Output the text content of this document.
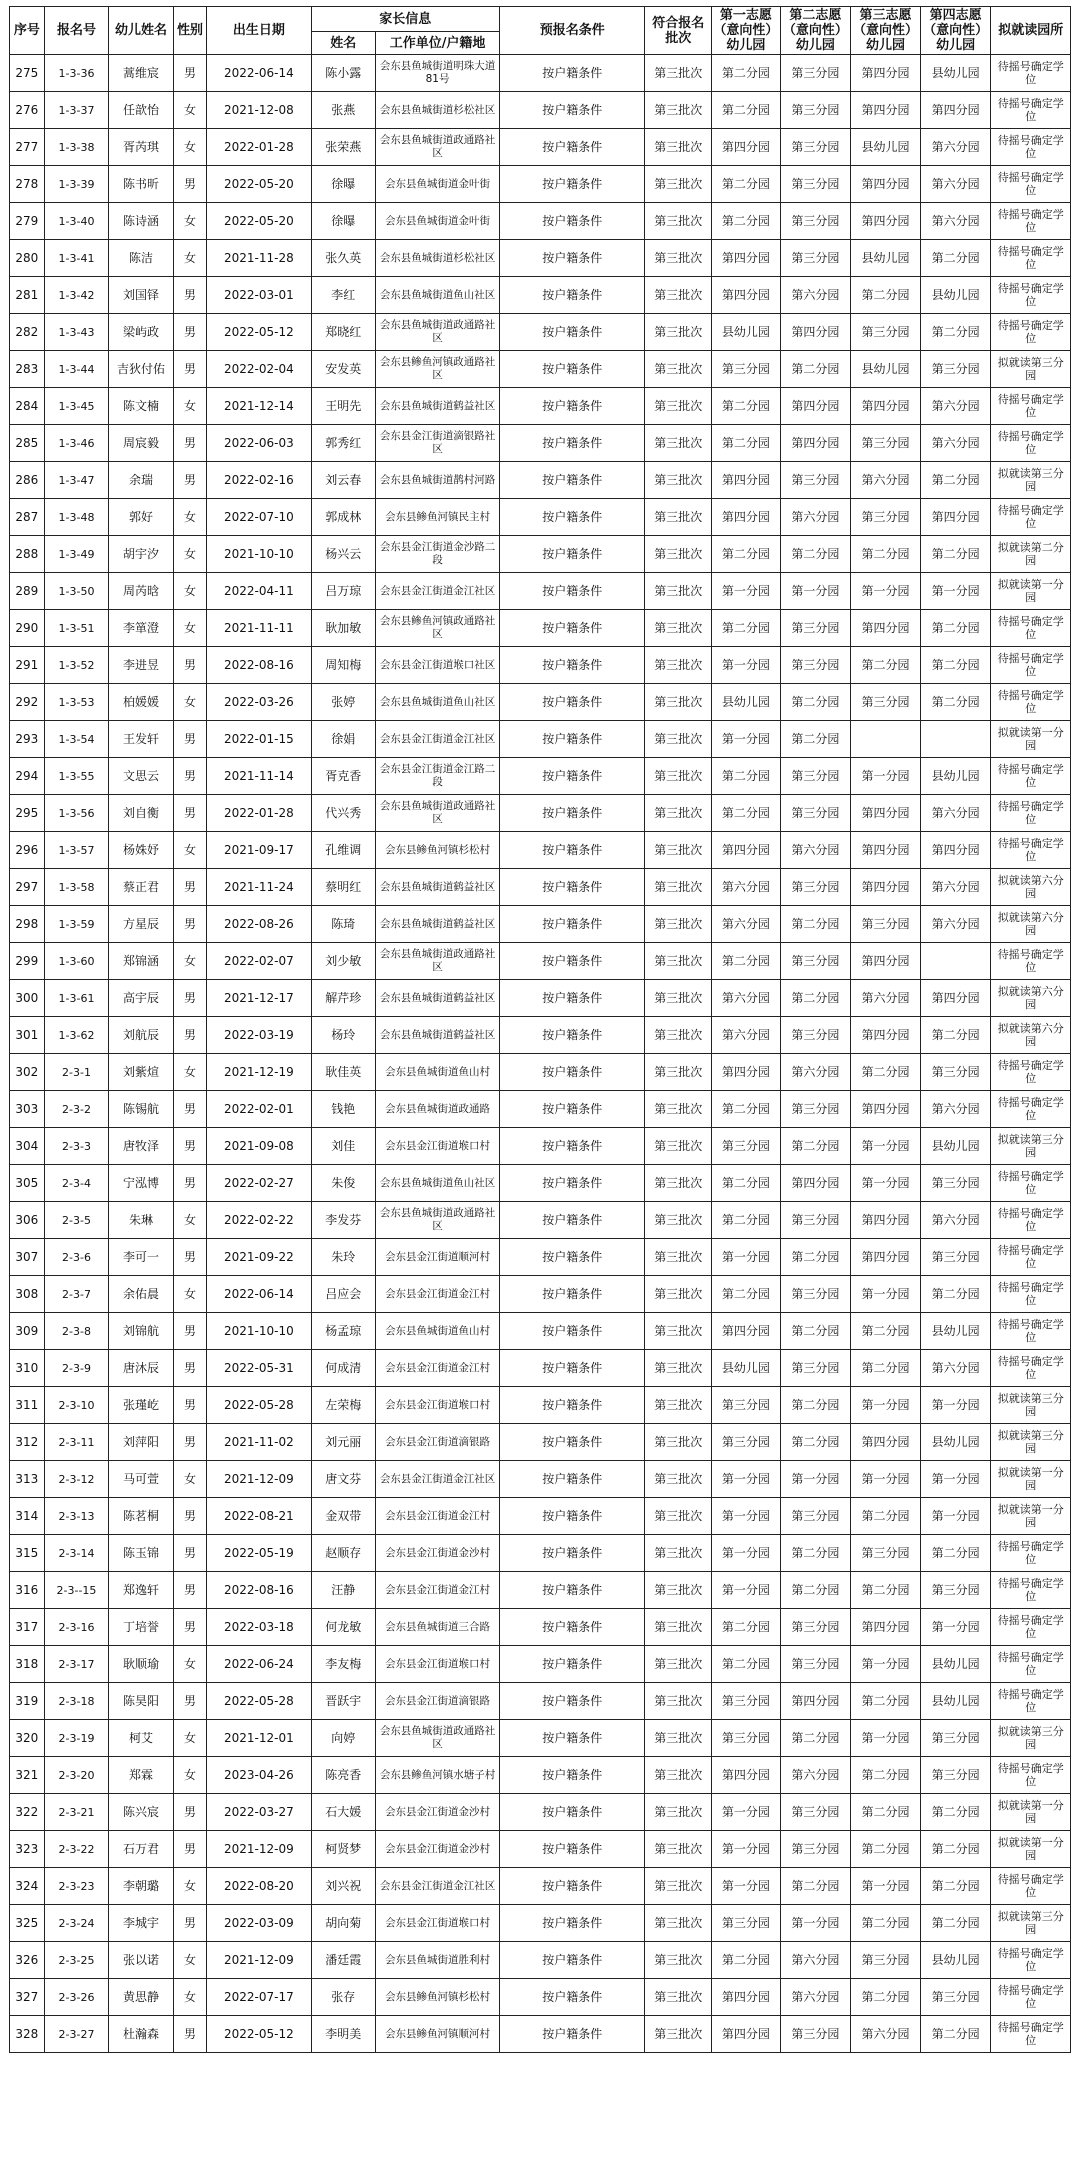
序号	报名号	幼儿姓名	性别	出生日期	家长信息		预报名条件	符合报名批次	第一志愿（意向性）幼儿园	第二志愿（意向性）幼儿园	第三志愿（意向性）幼儿园	第四志愿（意向性）幼儿园	拟就读园所
					姓名	工作单位/户籍地							
275	1-3-36	蒿维宸	男	2022-06-14	陈小露	会东县鱼城街道明珠大道81号	按户籍条件	第三批次	第二分园	第三分园	第四分园	县幼儿园	待摇号确定学位
276	1-3-37	任歆怡	女	2021-12-08	张燕	会东县鱼城街道杉松社区	按户籍条件	第三批次	第二分园	第三分园	第四分园	第四分园	待摇号确定学位
277	1-3-38	胥芮琪	女	2022-01-28	张荣燕	会东县鱼城街道政通路社区	按户籍条件	第三批次	第四分园	第三分园	县幼儿园	第六分园	待摇号确定学位
278	1-3-39	陈书昕	男	2022-05-20	徐曝	会东县鱼城街道金叶街	按户籍条件	第三批次	第二分园	第三分园	第四分园	第六分园	待摇号确定学位
279	1-3-40	陈诗涵	女	2022-05-20	徐曝	会东县鱼城街道金叶街	按户籍条件	第三批次	第二分园	第三分园	第四分园	第六分园	待摇号确定学位
280	1-3-41	陈洁	女	2021-11-28	张久英	会东县鱼城街道杉松社区	按户籍条件	第三批次	第四分园	第三分园	县幼儿园	第二分园	待摇号确定学位
281	1-3-42	刘国铎	男	2022-03-01	李红	会东县鱼城街道鱼山社区	按户籍条件	第三批次	第四分园	第六分园	第二分园	县幼儿园	待摇号确定学位
282	1-3-43	梁屿政	男	2022-05-12	郑晓红	会东县鱼城街道政通路社区	按户籍条件	第三批次	县幼儿园	第四分园	第三分园	第二分园	待摇号确定学位
283	1-3-44	吉狄付佑	男	2022-02-04	安发英	会东县鲹鱼河镇政通路社区	按户籍条件	第三批次	第三分园	第二分园	县幼儿园	第三分园	拟就读第三分园
284	1-3-45	陈文楠	女	2021-12-14	王明先	会东县鱼城街道鹤益社区	按户籍条件	第三批次	第二分园	第四分园	第四分园	第六分园	待摇号确定学位
285	1-3-46	周宸毅	男	2022-06-03	郭秀红	会东县金江街道滴银路社区	按户籍条件	第三批次	第二分园	第四分园	第三分园	第六分园	待摇号确定学位
286	1-3-47	余瑞	男	2022-02-16	刘云春	会东县鱼城街道鹊村河路	按户籍条件	第三批次	第四分园	第三分园	第六分园	第二分园	拟就读第三分园
287	1-3-48	郭好	女	2022-07-10	郭成林	会东县鲹鱼河镇民主村	按户籍条件	第三批次	第四分园	第六分园	第三分园	第四分园	待摇号确定学位
288	1-3-49	胡宇汐	女	2021-10-10	杨兴云	会东县金江街道金沙路二段	按户籍条件	第三批次	第二分园	第二分园	第二分园	第二分园	拟就读第二分园
289	1-3-50	周芮晗	女	2022-04-11	吕万琼	会东县金江街道金江社区	按户籍条件	第三批次	第一分园	第一分园	第一分园	第一分园	拟就读第一分园
290	1-3-51	李箪澄	女	2021-11-11	耿加敏	会东县鲹鱼河镇政通路社区	按户籍条件	第三批次	第二分园	第三分园	第四分园	第二分园	待摇号确定学位
291	1-3-52	李进昱	男	2022-08-16	周知梅	会东县金江街道堠口社区	按户籍条件	第三批次	第一分园	第三分园	第二分园	第二分园	待摇号确定学位
292	1-3-53	柏媛媛	女	2022-03-26	张婷	会东县鱼城街道鱼山社区	按户籍条件	第三批次	县幼儿园	第二分园	第三分园	第二分园	待摇号确定学位
293	1-3-54	王发轩	男	2022-01-15	徐娟	会东县金江街道金江社区	按户籍条件	第三批次	第一分园	第二分园			拟就读第一分园
294	1-3-55	文思云	男	2021-11-14	胥克香	会东县金江街道金江路二段	按户籍条件	第三批次	第二分园	第三分园	第一分园	县幼儿园	待摇号确定学位
295	1-3-56	刘自衡	男	2022-01-28	代兴秀	会东县鱼城街道政通路社区	按户籍条件	第三批次	第二分园	第三分园	第四分园	第六分园	待摇号确定学位
296	1-3-57	杨姝妤	女	2021-09-17	孔维调	会东县鲹鱼河镇杉松村	按户籍条件	第三批次	第四分园	第六分园	第四分园	第四分园	待摇号确定学位
297	1-3-58	蔡正君	男	2021-11-24	蔡明红	会东县鱼城街道鹤益社区	按户籍条件	第三批次	第六分园	第三分园	第四分园	第六分园	拟就读第六分园
298	1-3-59	方星辰	男	2022-08-26	陈琦	会东县鱼城街道鹤益社区	按户籍条件	第三批次	第六分园	第二分园	第三分园	第六分园	拟就读第六分园
299	1-3-60	郑锦涵	女	2022-02-07	刘少敏	会东县鱼城街道政通路社区	按户籍条件	第三批次	第二分园	第三分园	第四分园		待摇号确定学位
300	1-3-61	高宇辰	男	2021-12-17	解芹珍	会东县鱼城街道鹤益社区	按户籍条件	第三批次	第六分园	第二分园	第六分园	第四分园	拟就读第六分园
301	1-3-62	刘航辰	男	2022-03-19	杨玲	会东县鱼城街道鹤益社区	按户籍条件	第三批次	第六分园	第三分园	第四分园	第二分园	拟就读第六分园
302	2-3-1	刘紫煊	女	2021-12-19	耿佳英	会东县鱼城街道鱼山村	按户籍条件	第三批次	第四分园	第六分园	第二分园	第三分园	待摇号确定学位
303	2-3-2	陈锡航	男	2022-02-01	钱艳	会东县鱼城街道政通路	按户籍条件	第三批次	第二分园	第三分园	第四分园	第六分园	待摇号确定学位
304	2-3-3	唐牧泽	男	2021-09-08	刘佳	会东县金江街道堠口村	按户籍条件	第三批次	第三分园	第二分园	第一分园	县幼儿园	拟就读第三分园
305	2-3-4	宁泓博	男	2022-02-27	朱俊	会东县鱼城街道鱼山社区	按户籍条件	第三批次	第二分园	第四分园	第一分园	第三分园	待摇号确定学位
306	2-3-5	朱琳	女	2022-02-22	李发芬	会东县鱼城街道政通路社区	按户籍条件	第三批次	第二分园	第三分园	第四分园	第六分园	待摇号确定学位
307	2-3-6	李可一	男	2021-09-22	朱玲	会东县金江街道顺河村	按户籍条件	第三批次	第一分园	第二分园	第四分园	第三分园	待摇号确定学位
308	2-3-7	余佑晨	女	2022-06-14	吕应会	会东县金江街道金江村	按户籍条件	第三批次	第二分园	第三分园	第一分园	第二分园	待摇号确定学位
309	2-3-8	刘锦航	男	2021-10-10	杨孟琼	会东县鱼城街道鱼山村	按户籍条件	第三批次	第四分园	第二分园	第二分园	县幼儿园	待摇号确定学位
310	2-3-9	唐沐辰	男	2022-05-31	何成清	会东县金江街道金江村	按户籍条件	第三批次	县幼儿园	第三分园	第二分园	第六分园	待摇号确定学位
311	2-3-10	张瑾屹	男	2022-05-28	左荣梅	会东县金江街道堠口村	按户籍条件	第三批次	第三分园	第二分园	第一分园	第一分园	拟就读第三分园
312	2-3-11	刘萍阳	男	2021-11-02	刘元丽	会东县金江街道滴银路	按户籍条件	第三批次	第三分园	第二分园	第四分园	县幼儿园	拟就读第三分园
313	2-3-12	马可萱	女	2021-12-09	唐文芬	会东县金江街道金江社区	按户籍条件	第三批次	第一分园	第一分园	第一分园	第一分园	拟就读第一分园
314	2-3-13	陈茗桐	男	2022-08-21	金双带	会东县金江街道金江村	按户籍条件	第三批次	第一分园	第三分园	第二分园	第一分园	拟就读第一分园
315	2-3-14	陈玉锦	男	2022-05-19	赵顺存	会东县金江街道金沙村	按户籍条件	第三批次	第一分园	第二分园	第三分园	第二分园	待摇号确定学位
316	2-3--15	郑逸轩	男	2022-08-16	汪静	会东县金江街道金江村	按户籍条件	第三批次	第一分园	第二分园	第二分园	第三分园	待摇号确定学位
317	2-3-16	丁培誉	男	2022-03-18	何龙敏	会东县鱼城街道三合路	按户籍条件	第三批次	第二分园	第三分园	第四分园	第一分园	待摇号确定学位
318	2-3-17	耿顺瑜	女	2022-06-24	李友梅	会东县金江街道堠口村	按户籍条件	第三批次	第二分园	第三分园	第一分园	县幼儿园	待摇号确定学位
319	2-3-18	陈昊阳	男	2022-05-28	晋跃宇	会东县金江街道滴银路	按户籍条件	第三批次	第三分园	第四分园	第二分园	县幼儿园	待摇号确定学位
320	2-3-19	柯艾	女	2021-12-01	向婷	会东县鱼城街道政通路社区	按户籍条件	第三批次	第三分园	第二分园	第一分园	第三分园	拟就读第三分园
321	2-3-20	郑霖	女	2023-04-26	陈亮香	会东县鲹鱼河镇水塘子村	按户籍条件	第三批次	第四分园	第六分园	第二分园	第三分园	待摇号确定学位
322	2-3-21	陈兴宸	男	2022-03-27	石大媛	会东县金江街道金沙村	按户籍条件	第三批次	第一分园	第三分园	第二分园	第二分园	拟就读第一分园
323	2-3-22	石万君	男	2021-12-09	柯贤梦	会东县金江街道金沙村	按户籍条件	第三批次	第一分园	第三分园	第二分园	第二分园	拟就读第一分园
324	2-3-23	李朝璐	女	2022-08-20	刘兴祝	会东县金江街道金江社区	按户籍条件	第三批次	第一分园	第二分园	第一分园	第二分园	待摇号确定学位
325	2-3-24	李城宇	男	2022-03-09	胡向菊	会东县金江街道堠口村	按户籍条件	第三批次	第三分园	第一分园	第二分园	第二分园	拟就读第三分园
326	2-3-25	张以诺	女	2021-12-09	潘廷霞	会东县鱼城街道胜利村	按户籍条件	第三批次	第二分园	第六分园	第三分园	县幼儿园	待摇号确定学位
327	2-3-26	黄思静	女	2022-07-17	张存	会东县鲹鱼河镇杉松村	按户籍条件	第三批次	第四分园	第六分园	第二分园	第三分园	待摇号确定学位
328	2-3-27	杜瀚森	男	2022-05-12	李明美	会东县鲹鱼河镇顺河村	按户籍条件	第三批次	第四分园	第三分园	第六分园	第二分园	待摇号确定学位
